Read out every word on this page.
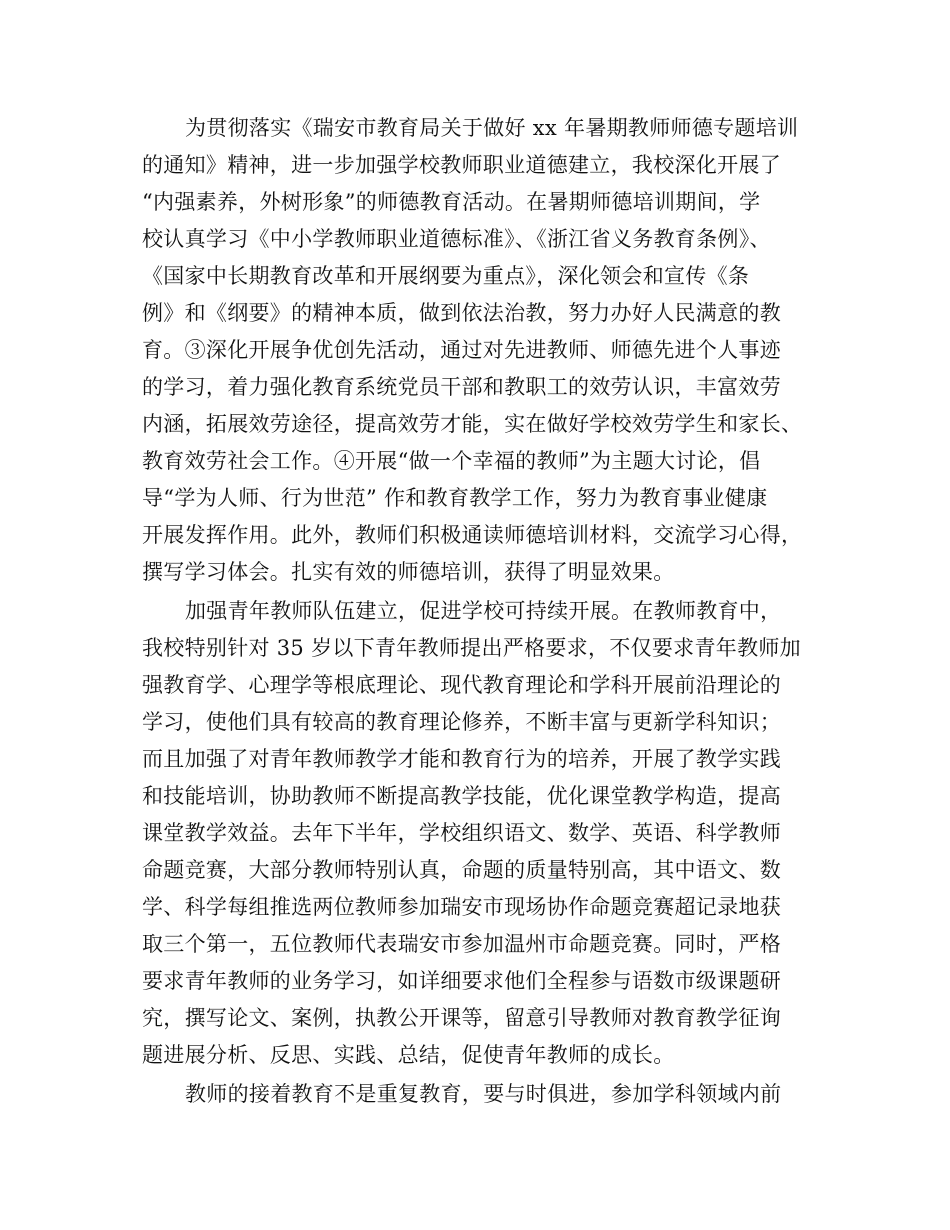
为贯彻落实《瑞安市教育局关于做好 xx 年暑期教师师德专题培训
的通知》精神，进一步加强学校教师职业道德建立，我校深化开展了
“内强素养，外树形象”的师德教育活动。在暑期师德培训期间，学
校认真学习《中小学教师职业道德标准》、《浙江省义务教育条例》、
《国家中长期教育改革和开展纲要为重点》，深化领会和宣传《条
例》和《纲要》的精神本质，做到依法治教，努力办好人民满意的教
育。③深化开展争优创先活动，通过对先进教师、师德先进个人事迹
的学习，着力强化教育系统党员干部和教职工的效劳认识，丰富效劳
内涵，拓展效劳途径，提高效劳才能，实在做好学校效劳学生和家长、
教育效劳社会工作。④开展“做一个幸福的教师”为主题大讨论，倡
导“学为人师、行为世范” 作和教育教学工作，努力为教育事业健康
开展发挥作用。此外，教师们积极通读师德培训材料，交流学习心得，
撰写学习体会。扎实有效的师德培训，获得了明显效果。
加强青年教师队伍建立，促进学校可持续开展。在教师教育中，
我校特别针对 35 岁以下青年教师提出严格要求，不仅要求青年教师加
强教育学、心理学等根底理论、现代教育理论和学科开展前沿理论的
学习，使他们具有较高的教育理论修养，不断丰富与更新学科知识；
而且加强了对青年教师教学才能和教育行为的培养，开展了教学实践
和技能培训，协助教师不断提高教学技能，优化课堂教学构造，提高
课堂教学效益。去年下半年，学校组织语文、数学、英语、科学教师
命题竞赛，大部分教师特别认真，命题的质量特别高，其中语文、数
学、科学每组推选两位教师参加瑞安市现场协作命题竞赛超记录地获
取三个第一，五位教师代表瑞安市参加温州市命题竞赛。同时，严格
要求青年教师的业务学习，如详细要求他们全程参与语数市级课题研
究，撰写论文、案例，执教公开课等，留意引导教师对教育教学征询
题进展分析、反思、实践、总结，促使青年教师的成长。
教师的接着教育不是重复教育，要与时俱进，参加学科领域内前
